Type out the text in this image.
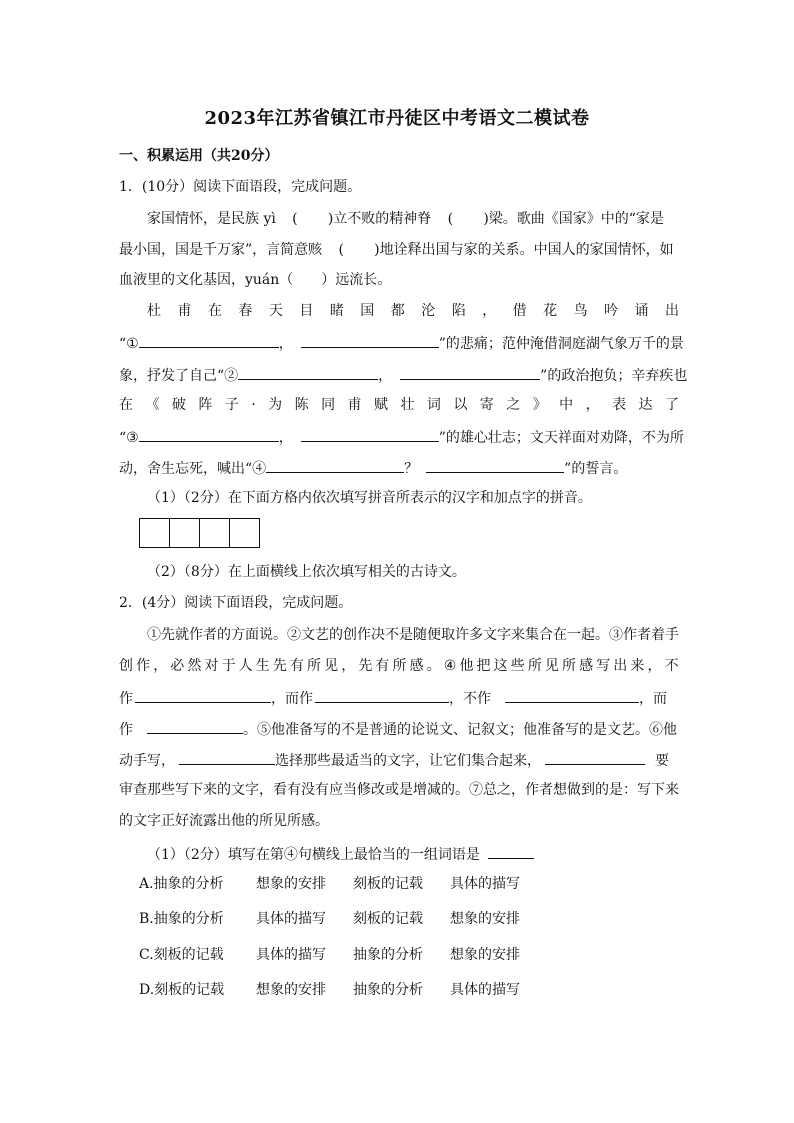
2023年江苏省镇江市丹徒区中考语文二模试卷
一、积累运用（共20分）
1．(10分）阅读下面语段，完成问题。
家国情怀，是民族 yì ( )立不败的精神脊 ( )梁。歌曲《国家》中的“家是
最小国，国是千万家”，言简意赅 ( )地诠释出国与家的关系。中国人的家国情怀，如
血液里的文化基因，yuán（ ）远流长。
杜 甫 在 春 天 目 睹 国 都 沦 陷 ， 借 花 鸟 吟 诵 出
“①	，	”的悲痛；范仲淹借洞庭湖气象万千的景
象，抒发了自己“②	，	”的政治抱负；辛弃疾也
在 《 破 阵 子 · 为 陈 同 甫 赋 壮 词 以 寄 之 》 中 ， 表 达 了
“③	，	”的雄心壮志；文天祥面对劝降，不为所
动，舍生忘死，喊出“④	？	”的誓言。
（1）（2分）在下面方格内依次填写拼音所表示的汉字和加点字的拼音。
（2）（8分）在上面横线上依次填写相关的古诗文。
2．(4分）阅读下面语段，完成问题。
①先就作者的方面说。②文艺的创作决不是随便取许多文字来集合在一起。③作者着手
创 作 ， 必 然 对 于 人 生 先 有 所 见 ， 先 有 所 感 。 ④ 他 把 这 些 所 见 所 感 写 出 来 ， 不
作	，而作	，不作	，而
作	。⑤他准备写的不是普通的论说文、记叙文；他准备写的是文艺。⑥他
动手写，	选择那些最适当的文字，让它们集合起来，	要
审查那些写下来的文字，看有没有应当修改或是增减的。⑦总之，作者想做到的是：写下来
的文字正好流露出他的所见所感。
（1）（2分）填写在第④句横线上最恰当的一组词语是
A.抽象的分析	想象的安排	刻板的记载	具体的描写
B.抽象的分析	具体的描写	刻板的记载	想象的安排
C.刻板的记载	具体的描写	抽象的分析	想象的安排
D.刻板的记载	想象的安排	抽象的分析	具体的描写
